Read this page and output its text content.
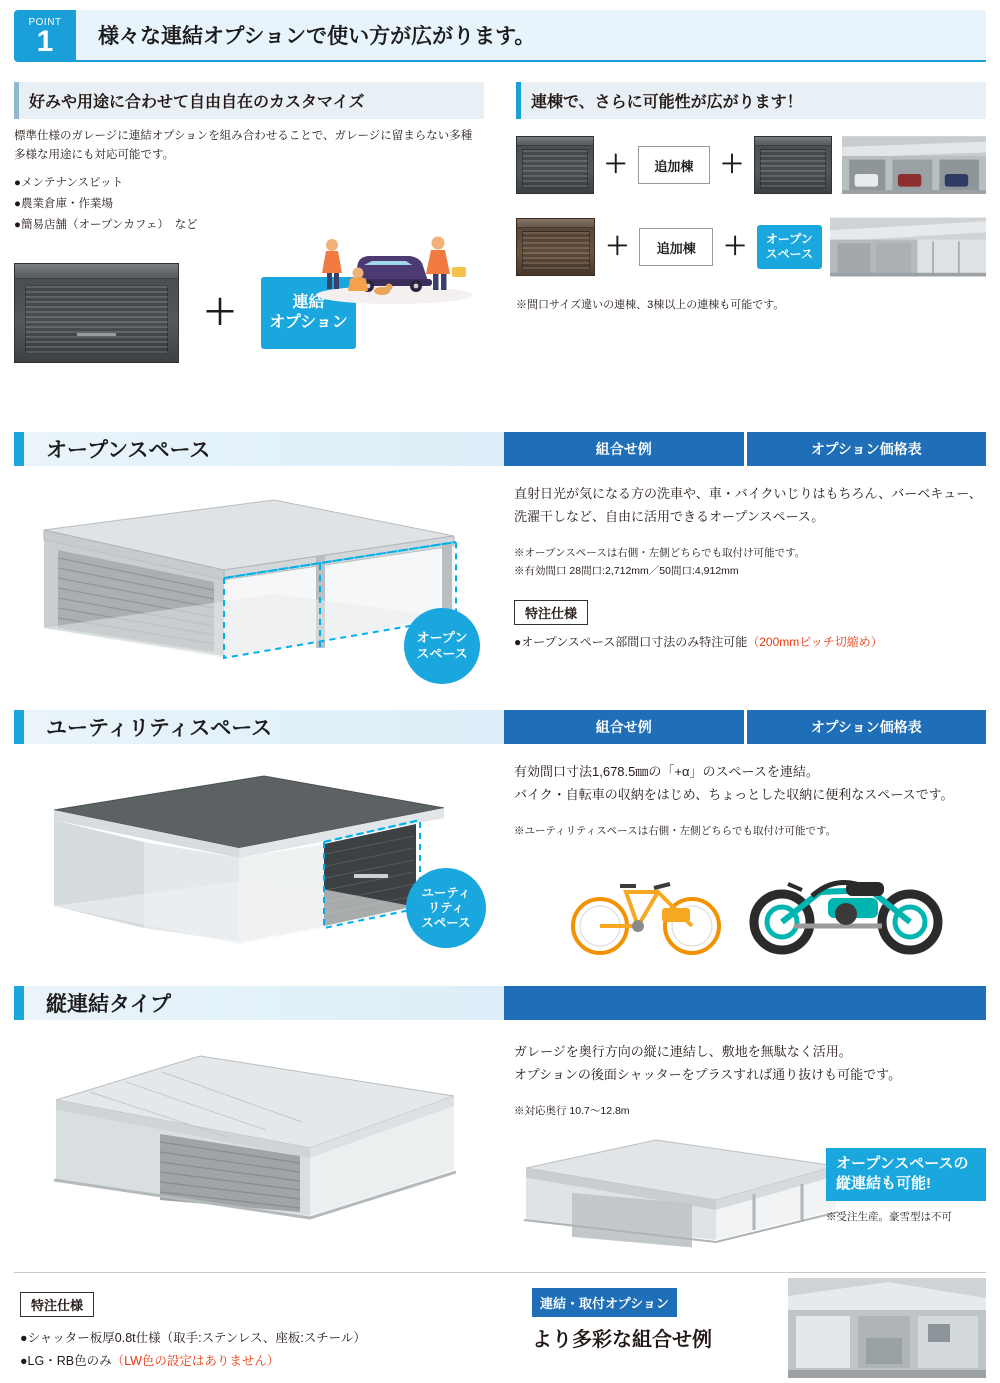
POINT
1	様々な連結オプションで使い方が広がります。
好みや用途に合わせて自由自在のカスタマイズ
標準仕様のガレージに連結オプションを組み合わせることで、ガレージに留まらない多種多様な用途にも対応可能です。
●メンテナンスピット
●農業倉庫・作業場
●簡易店舗（オープンカフェ）　など
＋	連結
オプション
連棟で、さらに可能性が広がります！
＋	追加棟	＋
＋	追加棟	＋ オープン
スペース
※間口サイズ違いの連棟、3棟以上の連棟も可能です。
オープンスペース	組合せ例	オプション価格表
オープン
スペース
直射日光が気になる方の洗車や、車・バイクいじりはもちろん、バーベキュー、洗濯干しなど、自由に活用できるオープンスペース。
※オープンスペースは右側・左側どちらでも取付け可能です。
※有効間口 28間口:2,712mm／50間口:4,912mm
特注仕様
●オープンスペース部間口寸法のみ特注可能（200mmピッチ切縮め）
ユーティリティスペース	組合せ例	オプション価格表
ユーティ
リティ
スペース
有効間口寸法1,678.5㎜の「+α」のスペースを連結。
バイク・自転車の収納をはじめ、ちょっとした収納に便利なスペースです。
※ユーティリティスペースは右側・左側どちらでも取付け可能です。
縦連結タイプ
ガレージを奥行方向の縦に連結し、敷地を無駄なく活用。
オプションの後面シャッターをプラスすれば通り抜けも可能です。
※対応奥行 10.7～12.8m
オープンスペースの
縦連結も可能!
※受注生産。豪雪型は不可
特注仕様
●シャッター板厚0.8t仕様（取手:ステンレス、座板:スチール）
●LG・RB色のみ（LW色の設定はありません）
連結・取付オプション
より多彩な組合せ例
